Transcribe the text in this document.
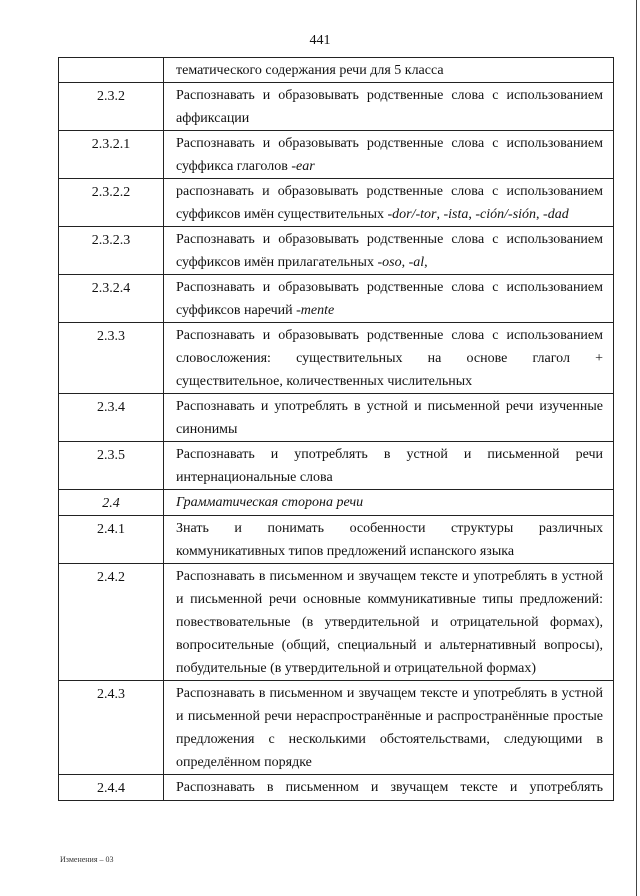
441
	тематического содержания речи для 5 класса
2.3.2	Распознавать и образовывать родственные слова с использованием аффиксации
2.3.2.1	Распознавать и образовывать родственные слова с использованием суффикса глаголов -ear
2.3.2.2	распознавать и образовывать родственные слова с использованием суффиксов имён существительных -dor/-tor, -ista, -ción/-sión, -dad
2.3.2.3	Распознавать и образовывать родственные слова с использованием суффиксов имён прилагательных -oso, -al,
2.3.2.4	Распознавать и образовывать родственные слова с использованием суффиксов наречий -mente
2.3.3	Распознавать и образовывать родственные слова с использованием словосложения: существительных на основе глагол + существительное, количественных числительных
2.3.4	Распознавать и употреблять в устной и письменной речи изученные синонимы
2.3.5	Распознавать и употреблять в устной и письменной речи интернациональные слова
2.4	Грамматическая сторона речи
2.4.1	Знать и понимать особенности структуры различных коммуникативных типов предложений испанского языка
2.4.2	Распознавать в письменном и звучащем тексте и употреблять в устной и письменной речи основные коммуникативные типы предложений: повествовательные (в утвердительной и отрицательной формах), вопросительные (общий, специальный и альтернативный вопросы), побудительные (в утвердительной и отрицательной формах)
2.4.3	Распознавать в письменном и звучащем тексте и употреблять в устной и письменной речи нераспространённые и распространённые простые предложения с несколькими обстоятельствами, следующими в определённом порядке
2.4.4	Распознавать в письменном и звучащем тексте и употреблять
Изменения – 03
